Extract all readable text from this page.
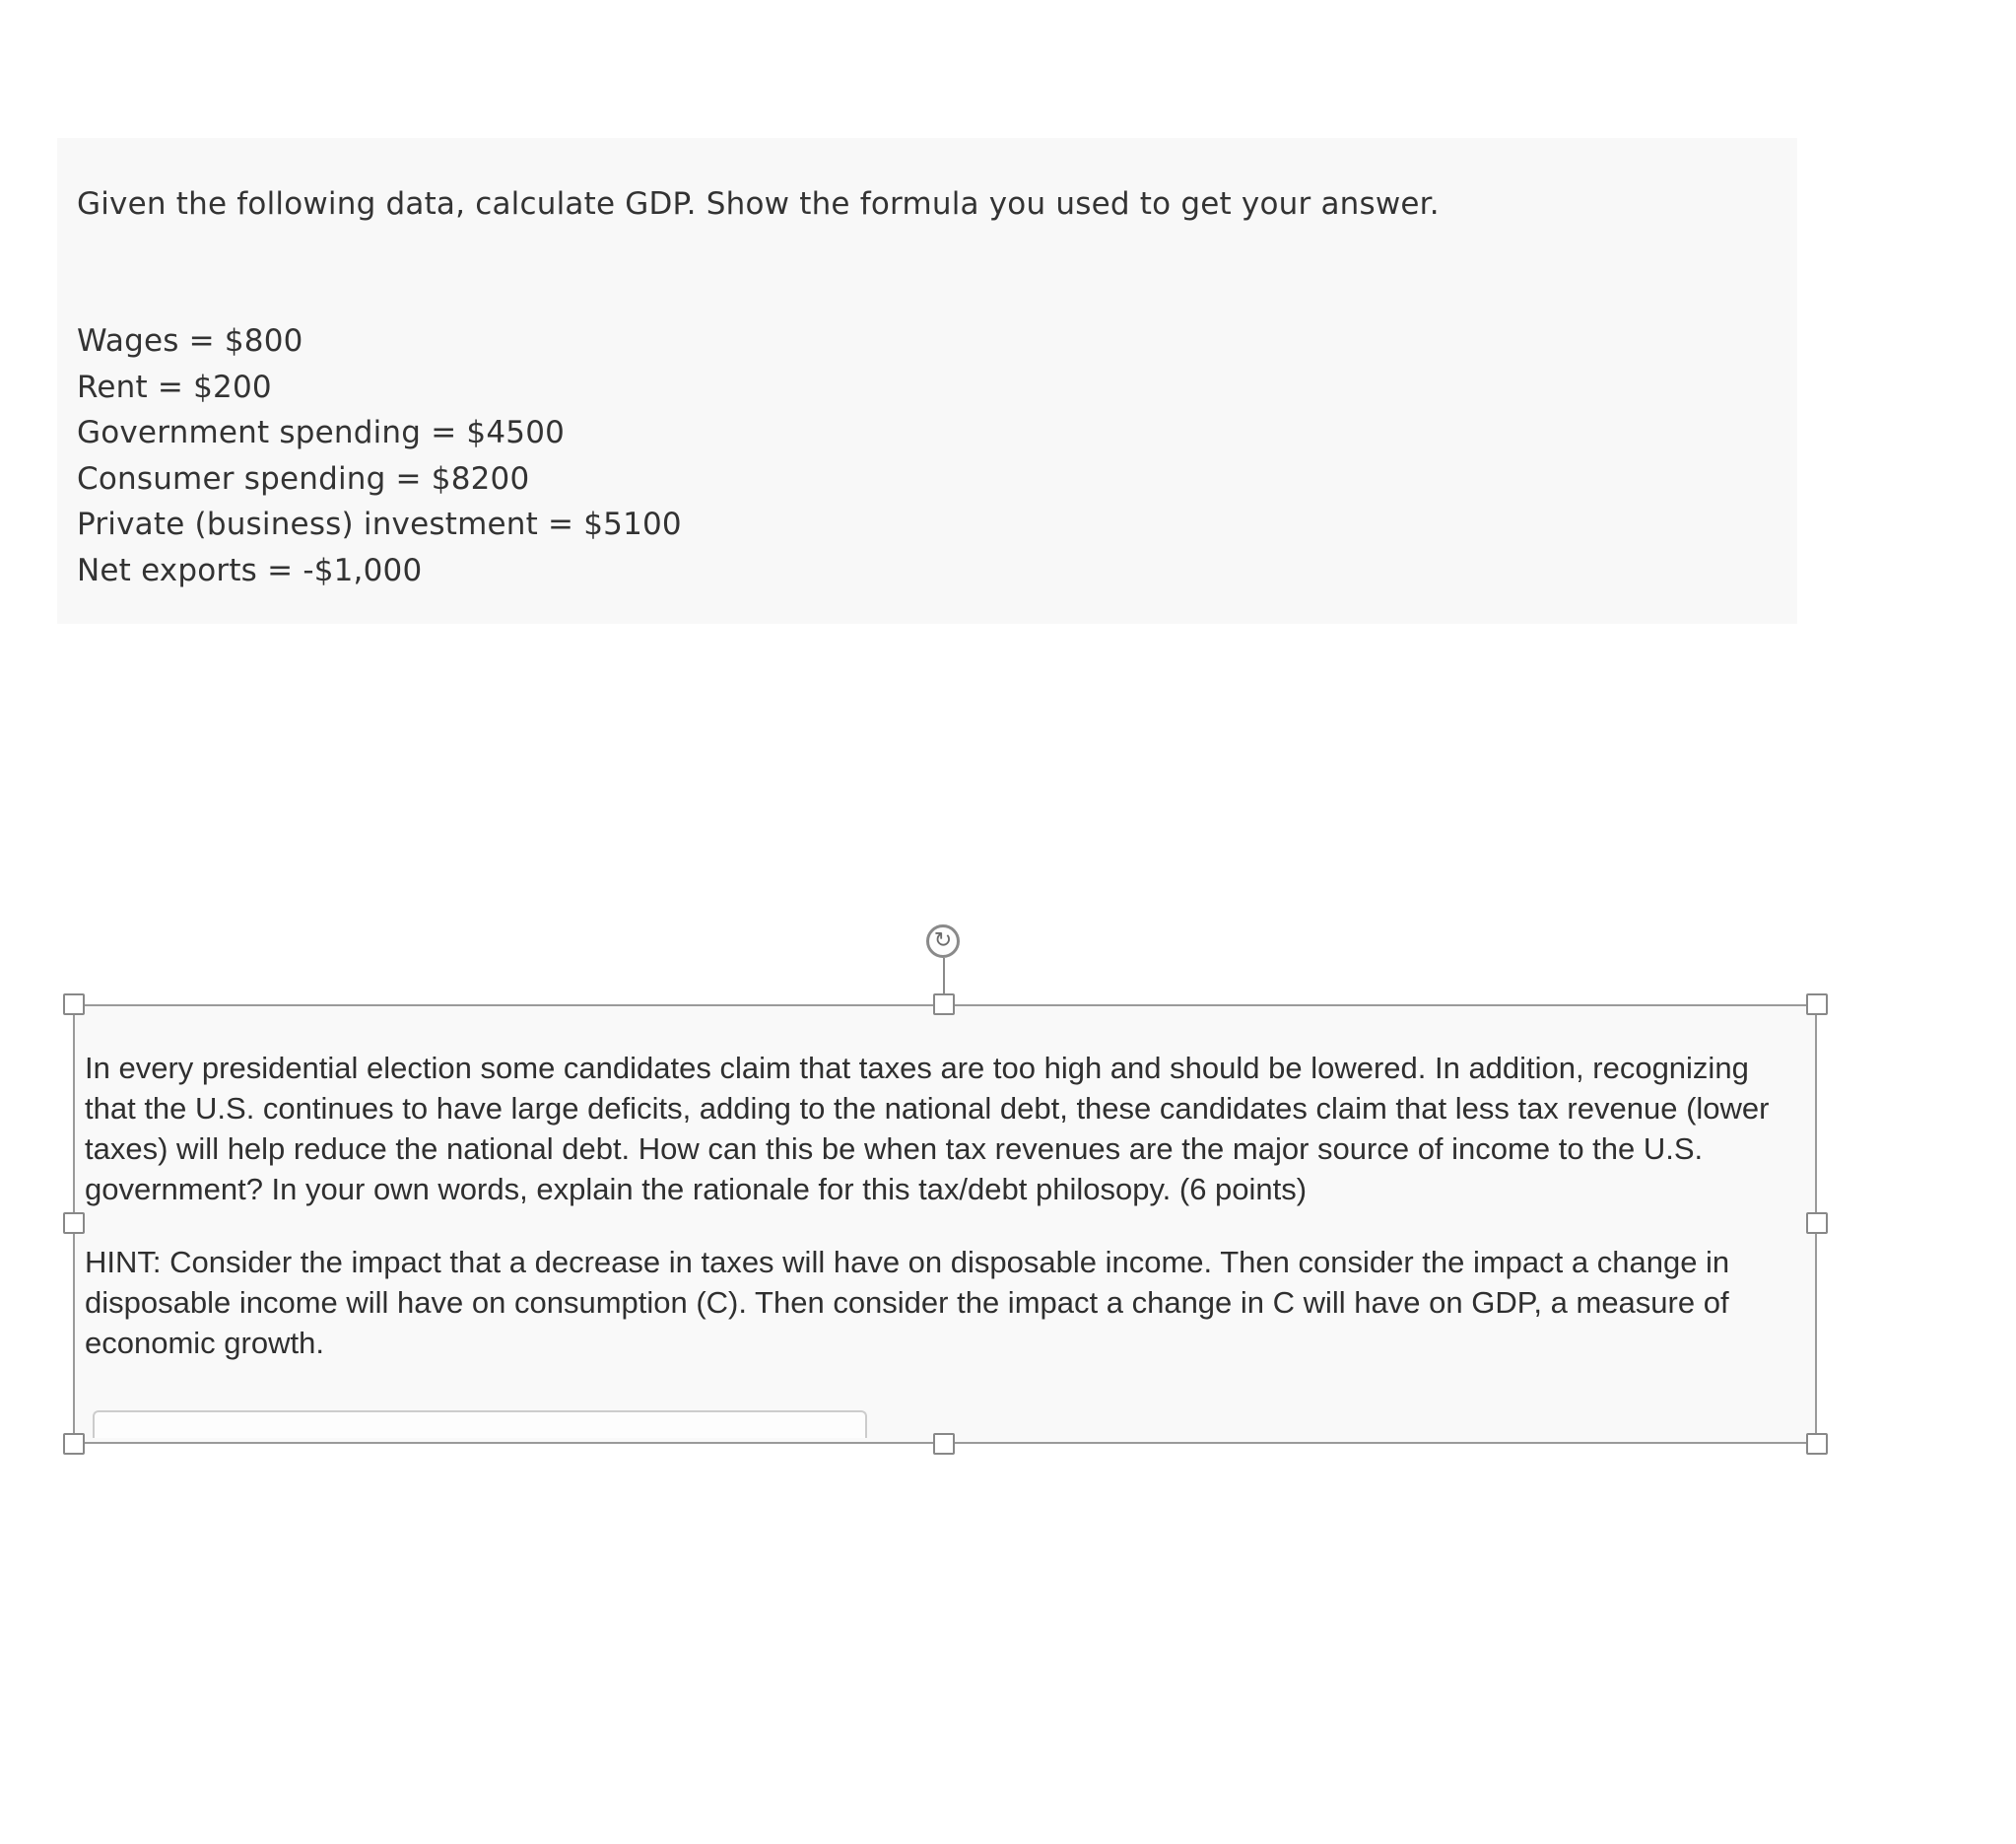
Given the following data, calculate GDP. Show the formula you used to get your answer.

Wages = $800
Rent = $200
Government spending = $4500
Consumer spending = $8200
Private (business) investment = $5100
Net exports = -$1,000
↻

In every presidential election some candidates claim that taxes are too high and should be lowered. In addition, recognizing that the U.S. continues to have large deficits, adding to the national debt, these candidates claim that less tax revenue (lower taxes) will help reduce the national debt. How can this be when tax revenues are the major source of income to the U.S. government? In your own words, explain the rationale for this tax/debt philosopy. (6 points)

HINT: Consider the impact that a decrease in taxes will have on disposable income. Then consider the impact a change in disposable income will have on consumption (C). Then consider the impact a change in C will have on GDP, a measure of economic growth.
